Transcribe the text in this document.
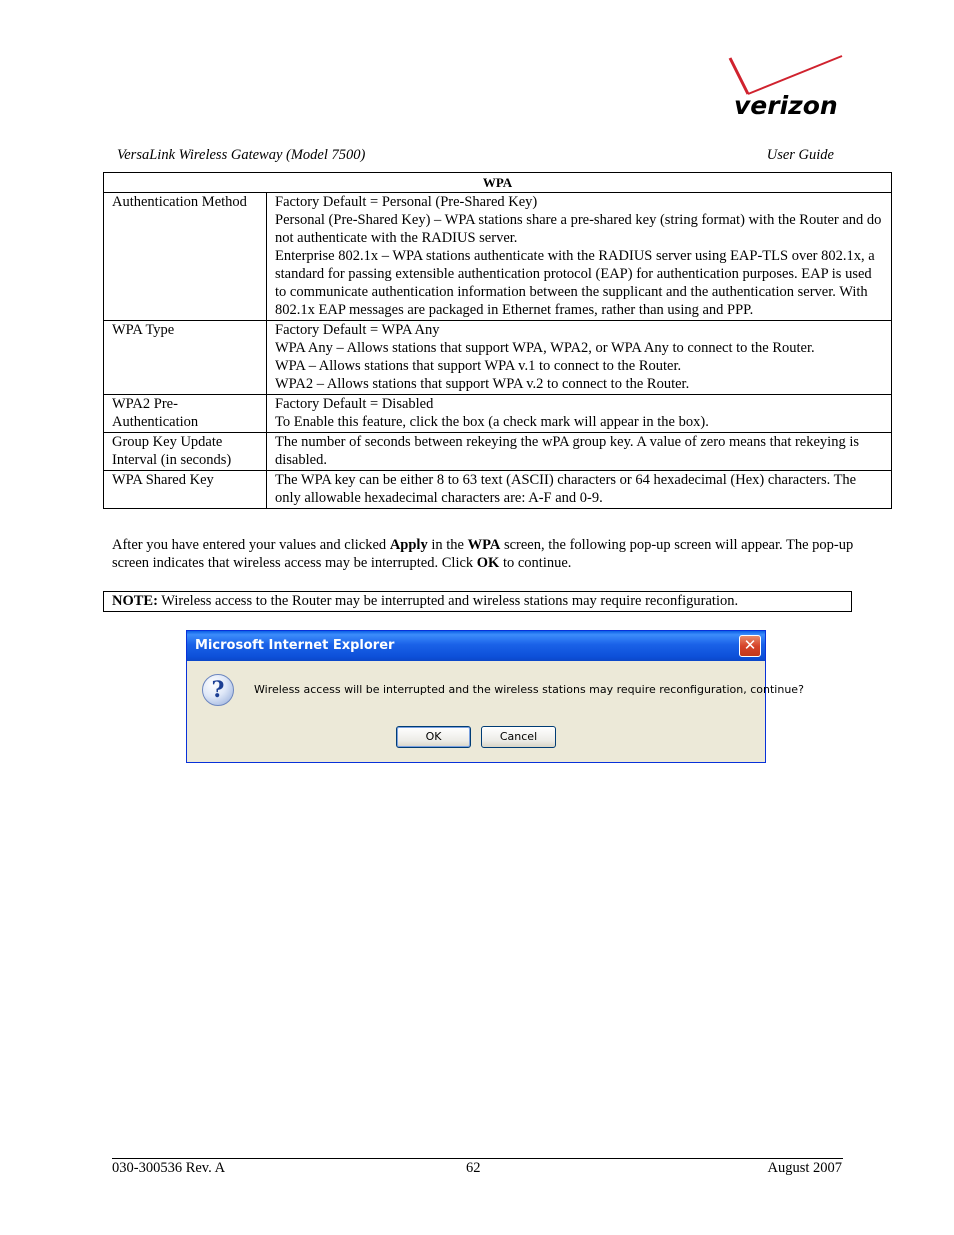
verizon
VersaLink Wireless Gateway (Model 7500)	User Guide
WPA	
Authentication Method	Factory Default = Personal (Pre-Shared Key)
Personal (Pre-Shared Key) – WPA stations share a pre-shared key (string format) with the Router and do not authenticate with the RADIUS server.
Enterprise 802.1x – WPA stations authenticate with the RADIUS server using EAP-TLS over 802.1x, a standard for passing extensible authentication protocol (EAP) for authentication purposes. EAP is used to communicate authentication information between the supplicant and the authentication server. With 802.1x EAP messages are packaged in Ethernet frames, rather than using and PPP.

WPA Type	Factory Default = WPA Any
WPA Any – Allows stations that support WPA, WPA2, or WPA Any to connect to the Router.
WPA – Allows stations that support WPA v.1 to connect to the Router.
WPA2 – Allows stations that support WPA v.2 to connect to the Router.

WPA2 Pre-Authentication	Factory Default = Disabled
To Enable this feature, click the box (a check mark will appear in the box).

Group Key Update Interval (in seconds)	The number of seconds between rekeying the wPA group key. A value of zero means that rekeying is disabled.

WPA Shared Key	The WPA key can be either 8 to 63 text (ASCII) characters or 64 hexadecimal (Hex) characters. The only allowable hexadecimal characters are: A-F and 0-9.
After you have entered your values and clicked Apply in the WPA screen, the following pop-up screen will appear. The pop-up screen indicates that wireless access may be interrupted. Click OK to continue.
NOTE: Wireless access to the Router may be interrupted and wireless stations may require reconfiguration.
Microsoft Internet Explorer	✕
?	Wireless access will be interrupted and the wireless stations may require reconfiguration, continue?
OK	Cancel
030-300536 Rev. A	62	August 2007
